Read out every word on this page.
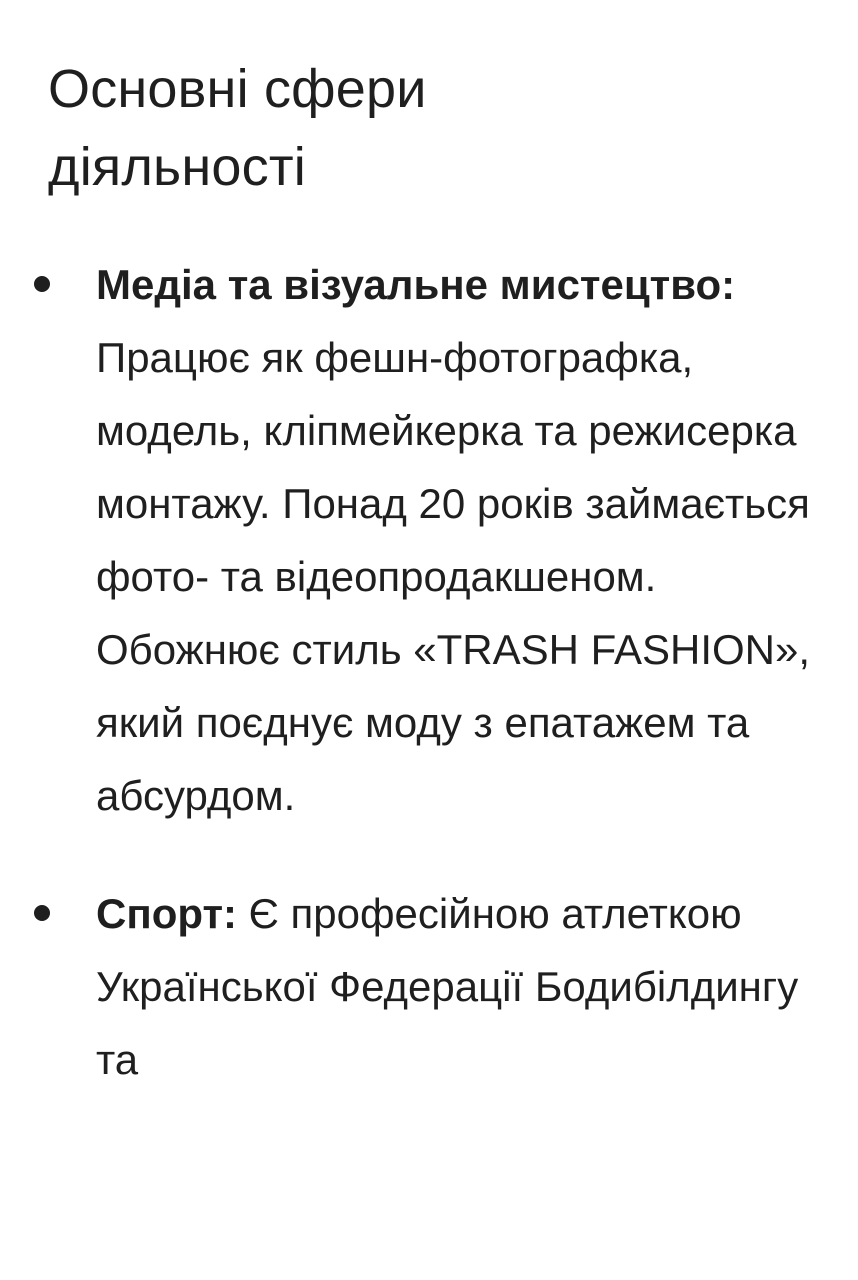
Основні сфери
діяльності
Медіа та візуальне мистецтво: Працює як фешн-фотографка, модель, кліпмейкерка та режисерка монтажу. Понад 20 років займається фото- та відеопродакшеном. Обожнює стиль «TRASH FASHION», який поєднує моду з епатажем та абсурдом.
Спорт: Є професійною атлеткою Української Федерації Бодибілдингу та
